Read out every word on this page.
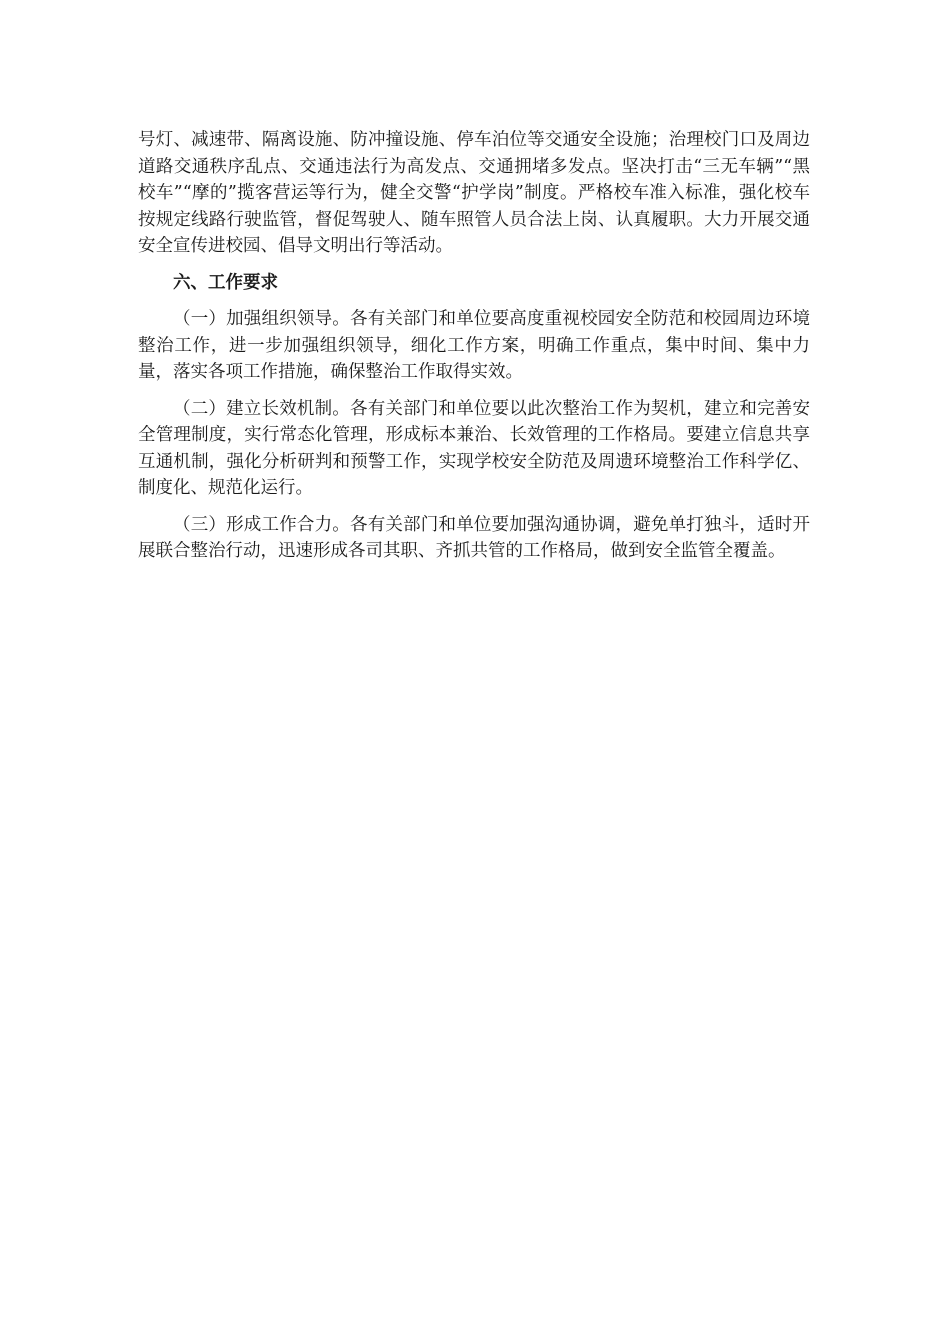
号灯、减速带、隔离设施、防冲撞设施、停车泊位等交通安全设施；治理校门口及周边道路交通秩序乱点、交通违法行为高发点、交通拥堵多发点。坚决打击“三无车辆”“黑校车”“摩的”揽客营运等行为，健全交警“护学岗”制度。严格校车准入标准，强化校车按规定线路行驶监管，督促驾驶人、随车照管人员合法上岗、认真履职。大力开展交通安全宣传进校园、倡导文明出行等活动。

六、工作要求

（一）加强组织领导。各有关部门和单位要高度重视校园安全防范和校园周边环境整治工作，进一步加强组织领导，细化工作方案，明确工作重点，集中时间、集中力量，落实各项工作措施，确保整治工作取得实效。

（二）建立长效机制。各有关部门和单位要以此次整治工作为契机，建立和完善安全管理制度，实行常态化管理，形成标本兼治、长效管理的工作格局。要建立信息共享互通机制，强化分析研判和预警工作，实现学校安全防范及周遗环境整治工作科学亿、制度化、规范化运行。

（三）形成工作合力。各有关部门和单位要加强沟通协调，避免单打独斗，适时开展联合整治行动，迅速形成各司其职、齐抓共管的工作格局，做到安全监管全覆盖。
